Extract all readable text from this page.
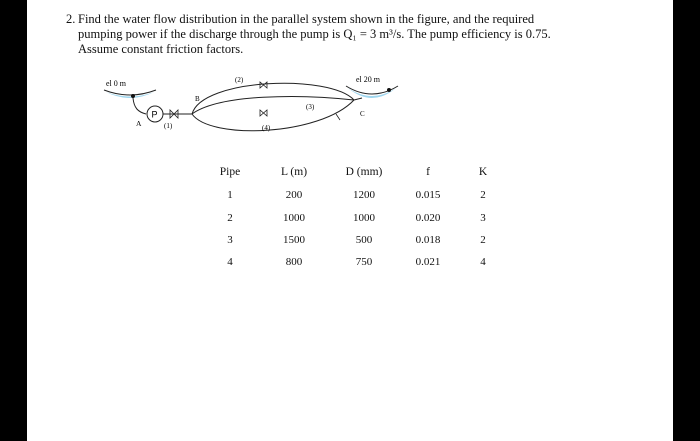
2. Find the water flow distribution in the parallel system shown in the figure, and the required
pumping power if the discharge through the pump is Q₁ = 3 m³/s. The pump efficiency is 0.75.
Assume constant friction factors.
el 0 m
P
A	(1)
B
(2)
(3)
(4)
el 20 m
C
Pipe	L (m)	D (mm)	f	K
1	200	1200	0.015	2
2	1000	1000	0.020	3
3	1500	500	0.018	2
4	800	750	0.021	4
